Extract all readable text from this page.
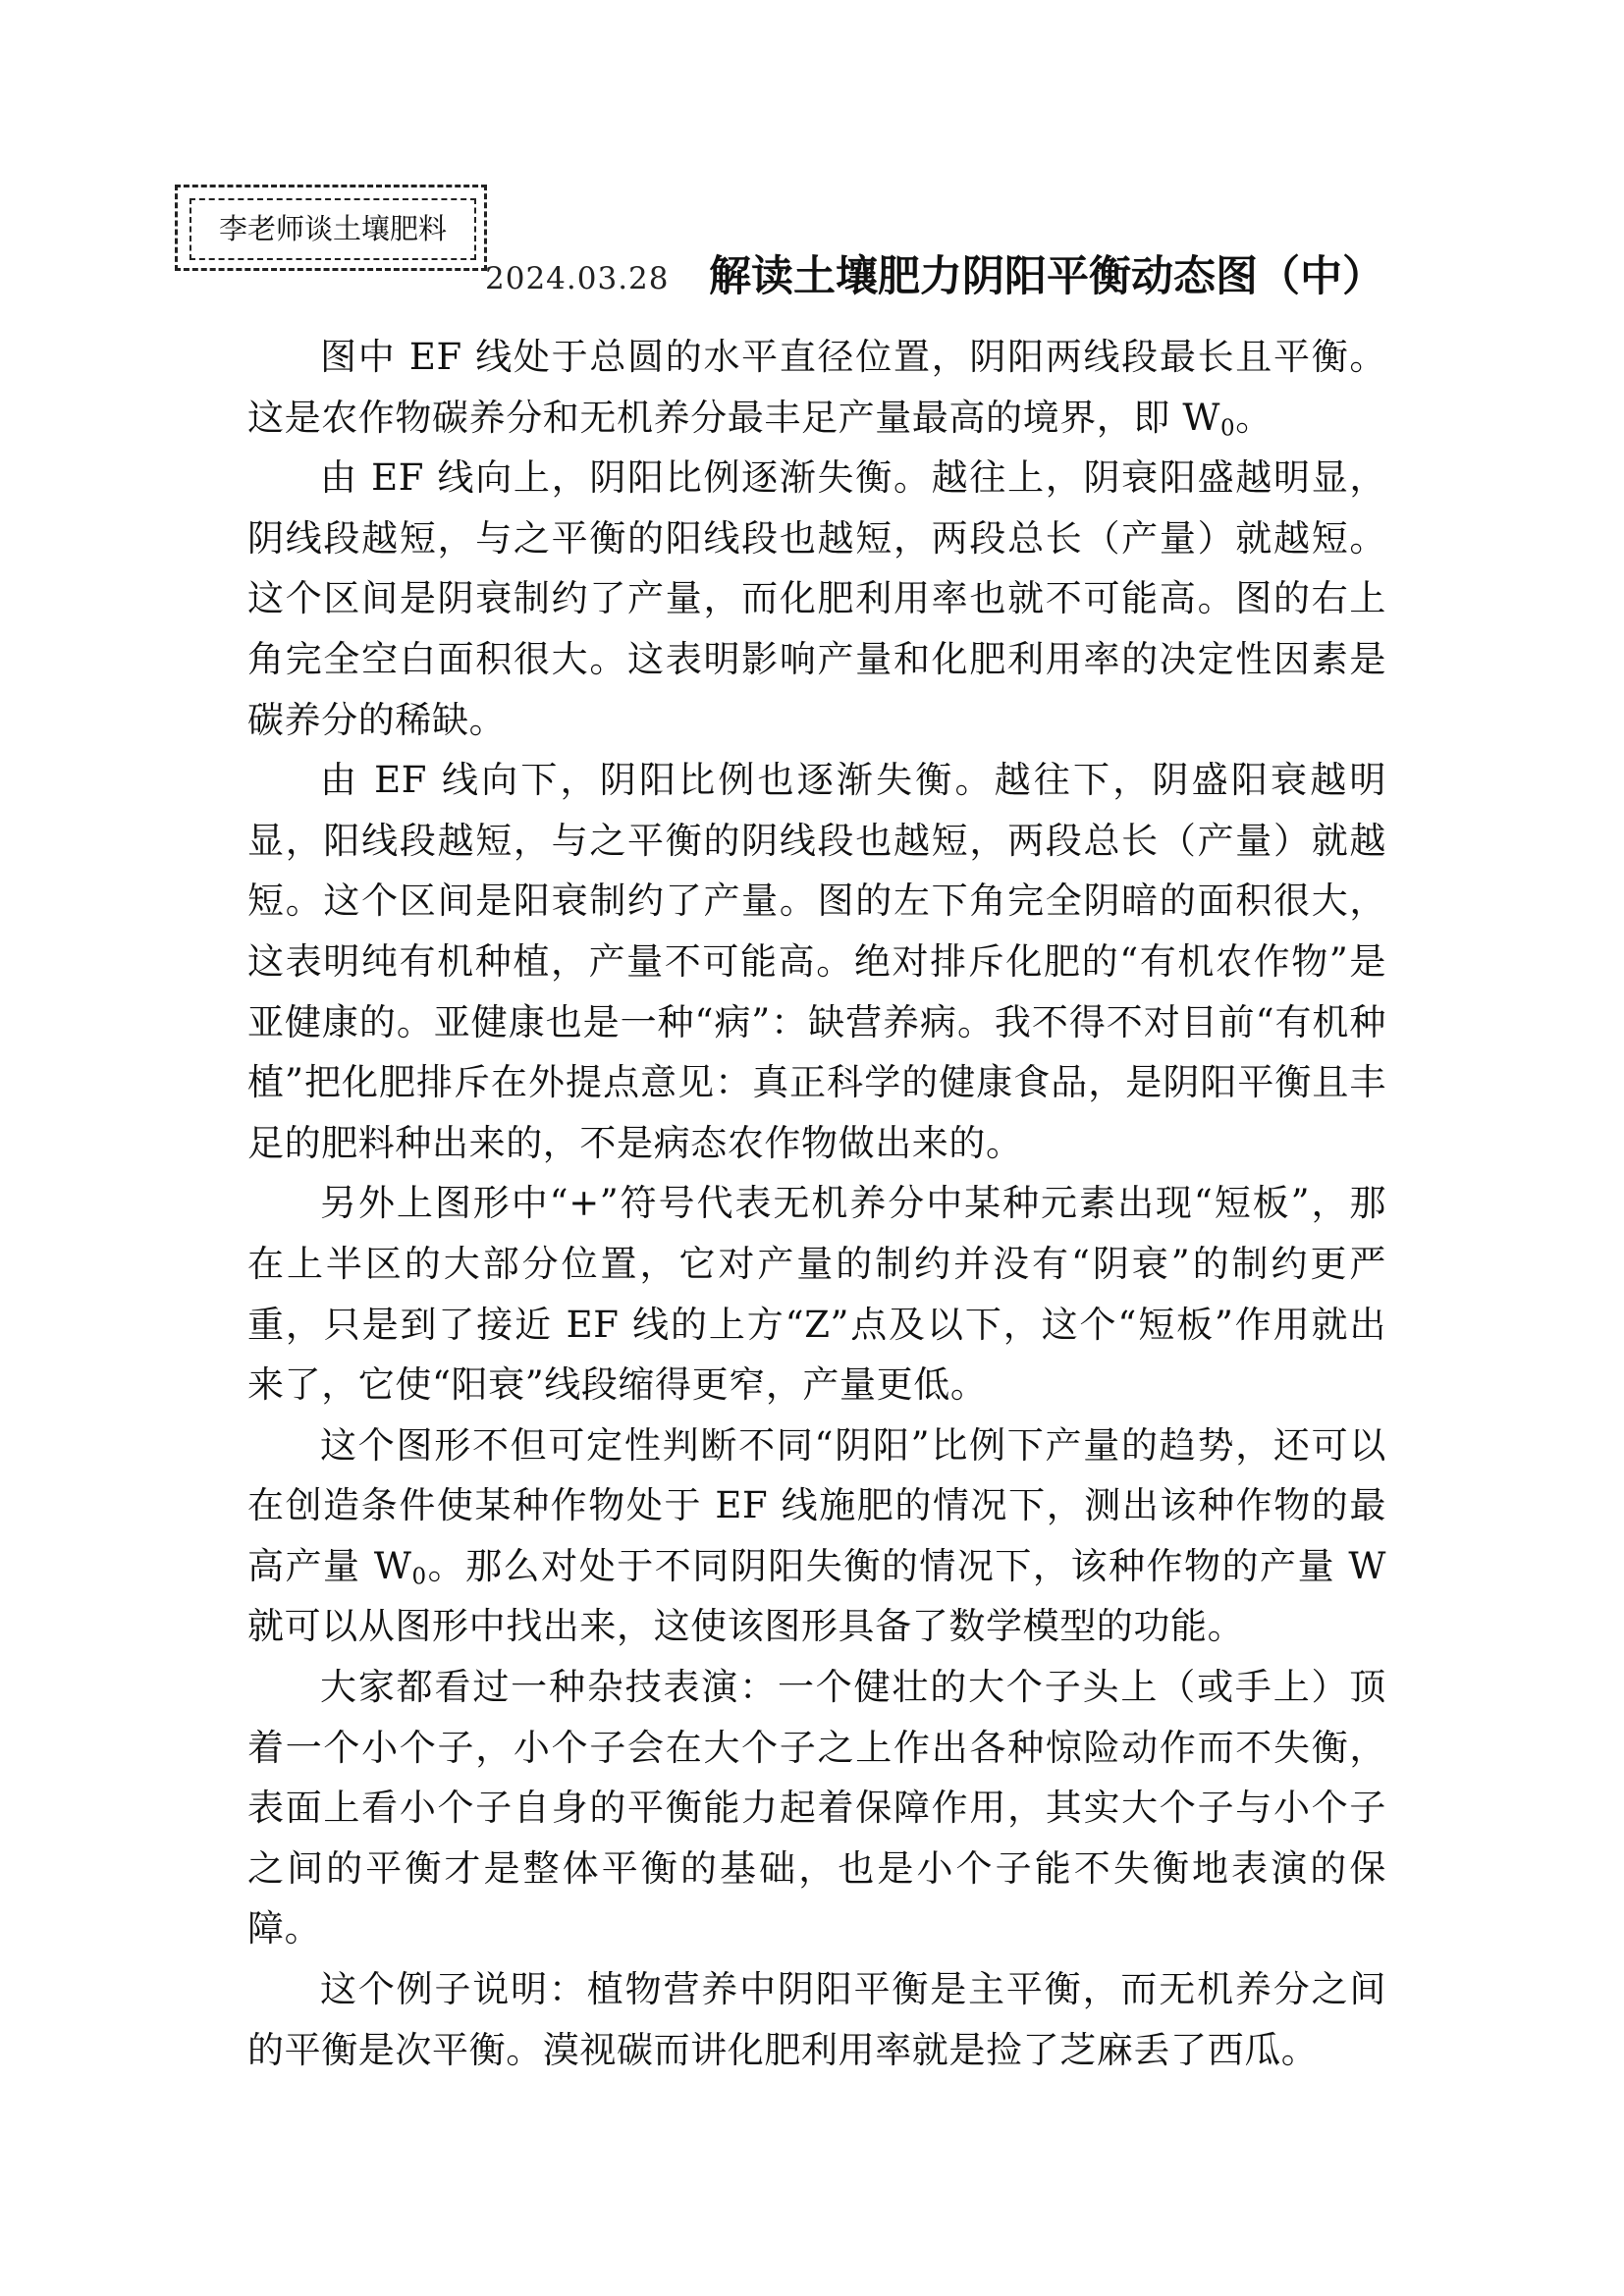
李老师谈土壤肥料
2024.03.28 解读土壤肥力阴阳平衡动态图（中）

图中 EF 线处于总圆的水平直径位置，阴阳两线段最长且平衡。这是农作物碳养分和无机养分最丰足产量最高的境界，即 $W_0$。

由 EF 线向上，阴阳比例逐渐失衡。越往上，阴衰阳盛越明显，阴线段越短，与之平衡的阳线段也越短，两段总长（产量）就越短。这个区间是阴衰制约了产量，而化肥利用率也就不可能高。图的右上角完全空白面积很大。这表明影响产量和化肥利用率的决定性因素是碳养分的稀缺。

由 EF 线向下，阴阳比例也逐渐失衡。越往下，阴盛阳衰越明显，阳线段越短，与之平衡的阴线段也越短，两段总长（产量）就越短。这个区间是阳衰制约了产量。图的左下角完全阴暗的面积很大，这表明纯有机种植，产量不可能高。绝对排斥化肥的“有机农作物”是亚健康的。亚健康也是一种“病”：缺营养病。我不得不对目前“有机种植”把化肥排斥在外提点意见：真正科学的健康食品，是阴阳平衡且丰足的肥料种出来的，不是病态农作物做出来的。

另外上图形中“+”符号代表无机养分中某种元素出现“短板”，那在上半区的大部分位置，它对产量的制约并没有“阴衰”的制约更严重，只是到了接近 EF 线的上方“Z”点及以下，这个“短板”作用就出来了，它使“阳衰”线段缩得更窄，产量更低。

这个图形不但可定性判断不同“阴阳”比例下产量的趋势，还可以在创造条件使某种作物处于 EF 线施肥的情况下，测出该种作物的最高产量 $W_0$。那么对处于不同阴阳失衡的情况下，该种作物的产量 W 就可以从图形中找出来，这使该图形具备了数学模型的功能。

大家都看过一种杂技表演：一个健壮的大个子头上（或手上）顶着一个小个子，小个子会在大个子之上作出各种惊险动作而不失衡，表面上看小个子自身的平衡能力起着保障作用，其实大个子与小个子之间的平衡才是整体平衡的基础，也是小个子能不失衡地表演的保障。

这个例子说明：植物营养中阴阳平衡是主平衡，而无机养分之间的平衡是次平衡。漠视碳而讲化肥利用率就是捡了芝麻丢了西瓜。
